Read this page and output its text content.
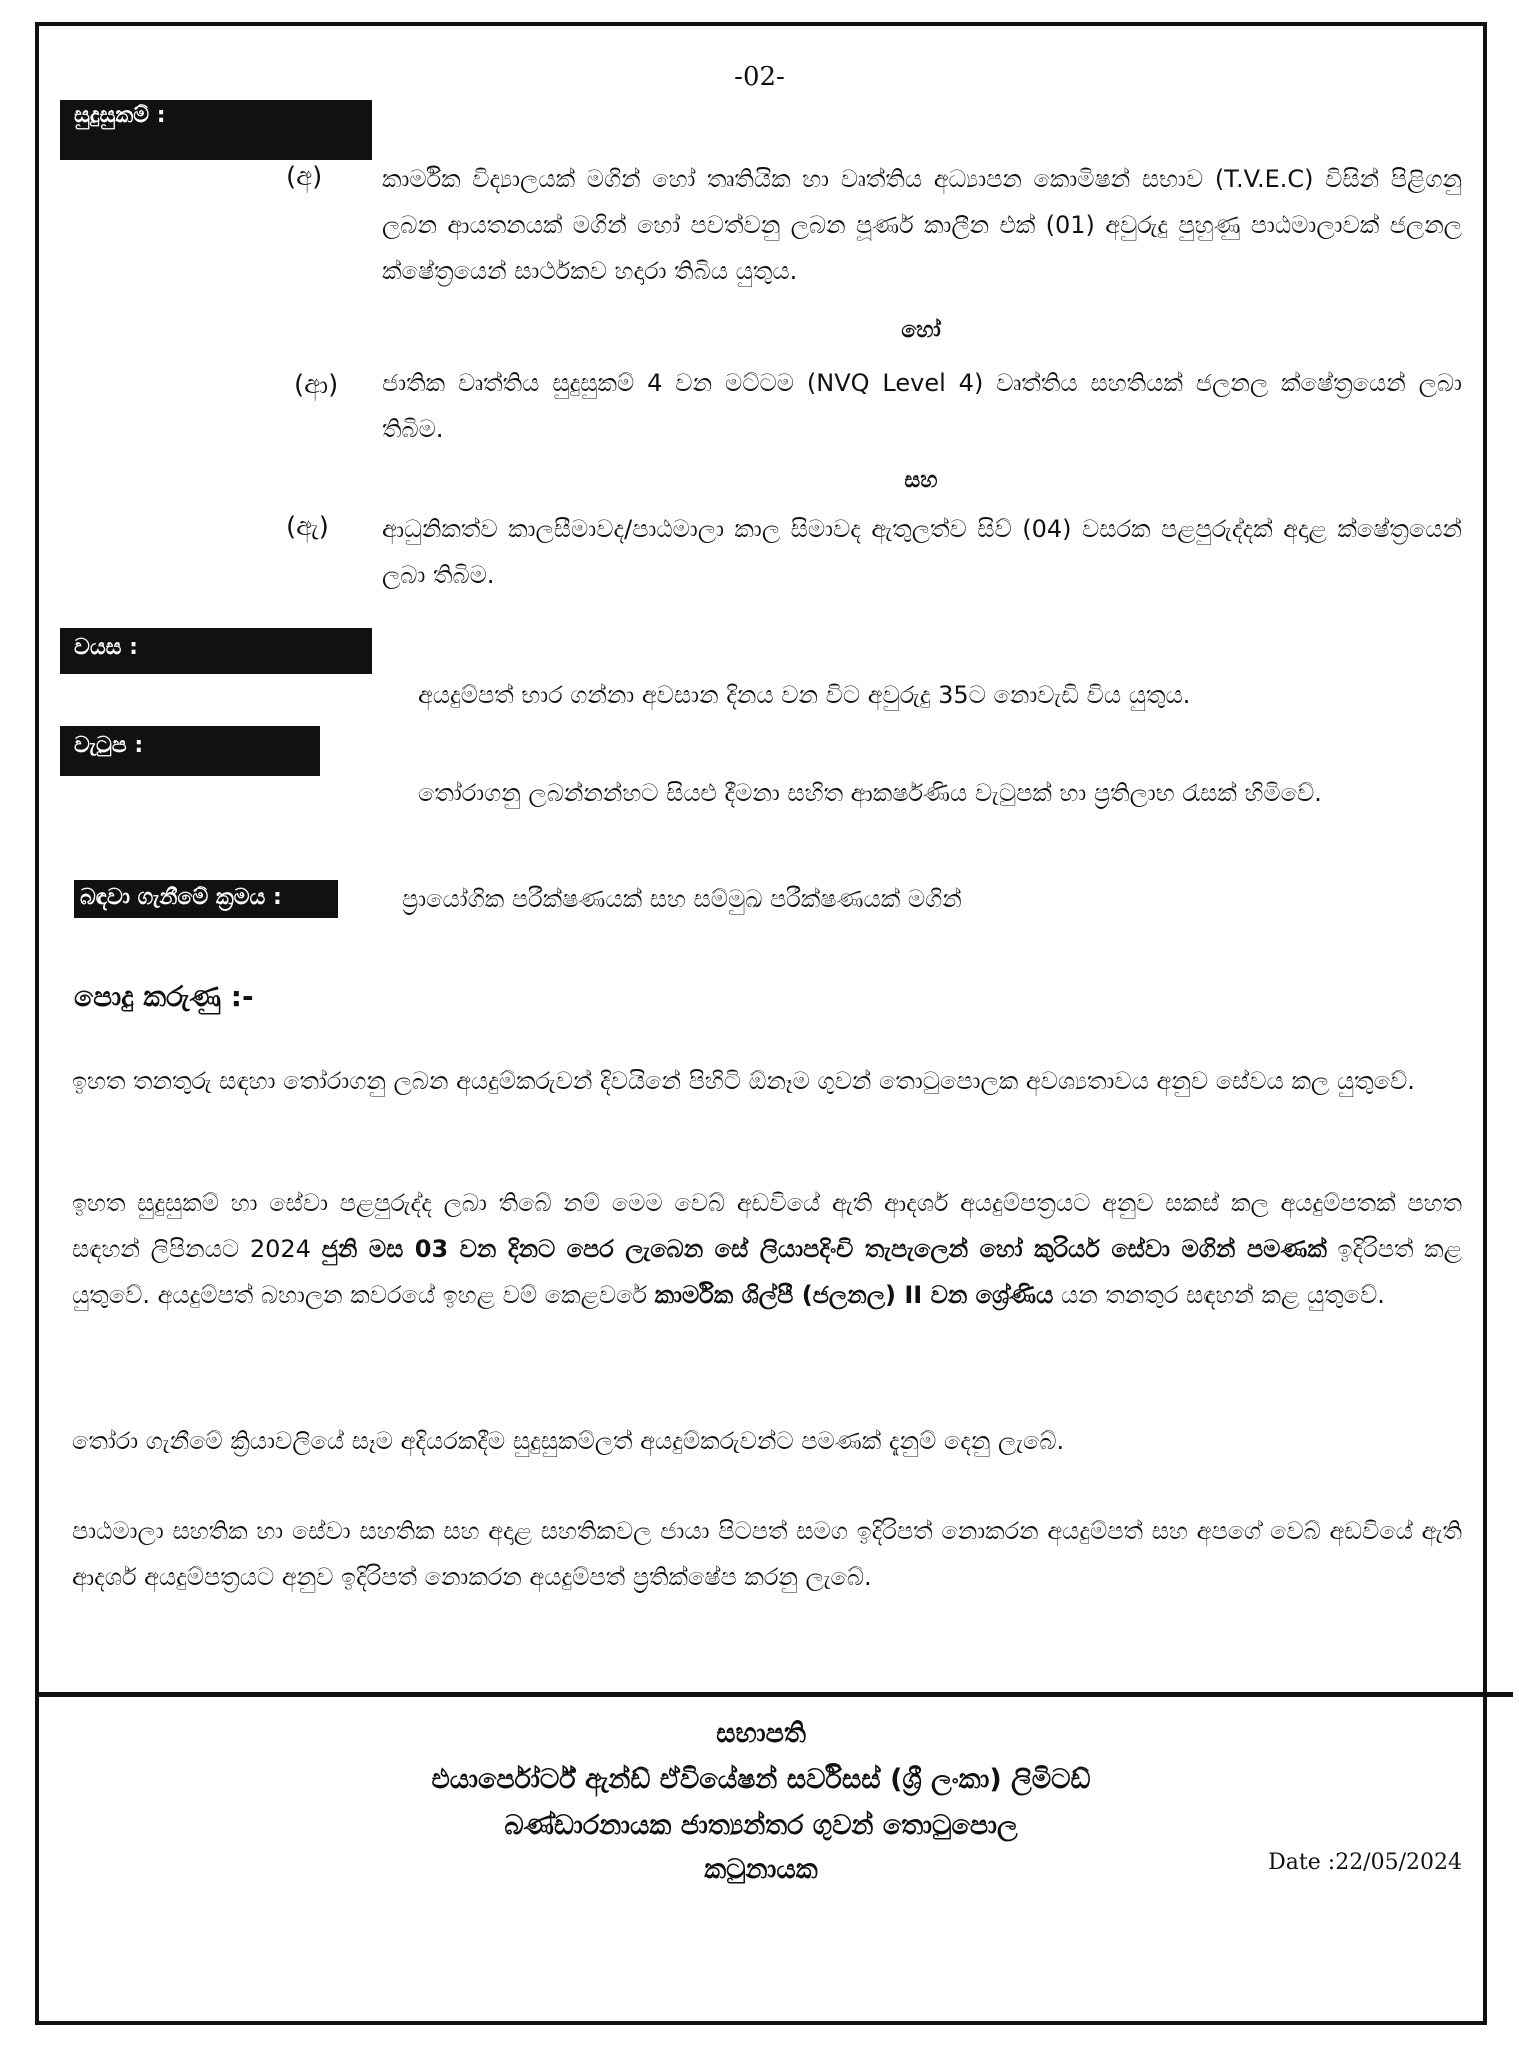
-02-
සුදුසුකම් :
(අ) කාර්මික විද්‍යාලයක් මගින් හෝ තෘතියික හා වෘත්තිය අධ්‍යාපන කොමිෂන් සභාව (T.V.E.C) විසින් පිළිගනු ලබන ආයතනයක් මගින් හෝ පවත්වනු ලබන පූර්ණ කාලීන එක් (01) අවුරුදු පුහුණු පාඨමාලාවක් ජලනල ක්ෂේත්‍රයෙන් සාර්ථකව හදාරා තිබිය යුතුය.
හෝ
(ආ) ජාතික වෘත්තිය සුදුසුකම් 4 වන මට්ටම (NVQ Level 4) වෘත්තිය සහතියක් ජලනල ක්ෂේත්‍රයෙන් ලබා තිබිම.
සහ
(ඇ) ආධුනිකත්ව කාලසීමාවද/පාඨමාලා කාල සිමාවද ඇතුලත්ව සිව් (04) වසරක පළපුරුද්දක් අදාළ ක්ෂේත්‍රයෙන් ලබා තිබිම.
වයස :
අයදුම්පත් භාර ගන්නා අවසාන දිනය වන විට අවුරුදු 35ට නොවැඩි විය යුතුය.
වැටුප :
තෝරාගනු ලබන්නන්හට සියළු දීමනා සහිත ආකර්ෂණිය වැටුපක් හා ප්‍රතිලාභ රැසක් හිමිවේ.
බඳවා ගැනීමේ ක්‍රමය :	ප්‍රායෝගික පරීක්ෂණයක් සහ සම්මුඛ පරීක්ෂණයක් මගින්
පොදු කරුණු :-
ඉහත තනතුරු සඳහා තෝරාගනු ලබන අයදුම්කරුවන් දිවයිනේ පිහිටි ඕනෑම ගුවන් තොටුපොලක අවශ්‍යතාවය අනුව සේවය කල යුතුවේ.
ඉහත සුදුසුකම් හා සේවා පළපුරුද්ද ලබා තිබේ නම් මෙම වෙබ් අඩවියේ ඇති ආදර්ශ අයදුම්පත්‍රයට අනුව සකස් කල අයදුම්පතක් පහත සඳහන් ලිපිනයට 2024 ජුනි මස 03 වන දිනට පෙර ලැබෙන සේ ලියාපදිංචි තැපැලෙන් හෝ කුරියර් සේවා මගින් පමණක් ඉදිරිපත් කළ යුතුවේ. අයදුම්පත් බහාලන කවරයේ ඉහළ වම් කෙළවරේ කාර්මික ශිල්පී (ජලනල) II වන ශ්‍රේණිය යන තනතුර සඳහන් කළ යුතුවේ.
තෝරා ගැනීමේ ක්‍රියාවලියේ සෑම අදියරකදීම සුදුසුකම්ලත් අයදුම්කරුවන්ට පමණක් දැනුම් දෙනු ලැබේ.
පාඨමාලා සහතික හා සේවා සහතික සහ අදාළ සහතිකවල ජායා පිටපත් සමග ඉදිරිපත් නොකරන අයදුම්පත් සහ අපගේ වෙබ් අඩවියේ ඇති ආදර්ශ අයදුම්පත්‍රයට අනුව ඉදිරිපත් නොකරන අයදුම්පත් ප්‍රතික්ෂේප කරනු ලැබේ.
සභාපති
එයාර්පෝර්ට් ඇන්ඩ් ඒවියේෂන් සර්විසස් (ශ්‍රී ලංකා) ලිමිටඩ්
බණ්ඩාරනායක ජාත්‍යන්තර ගුවන් තොටුපොල
කටුනායක	Date :22/05/2024
